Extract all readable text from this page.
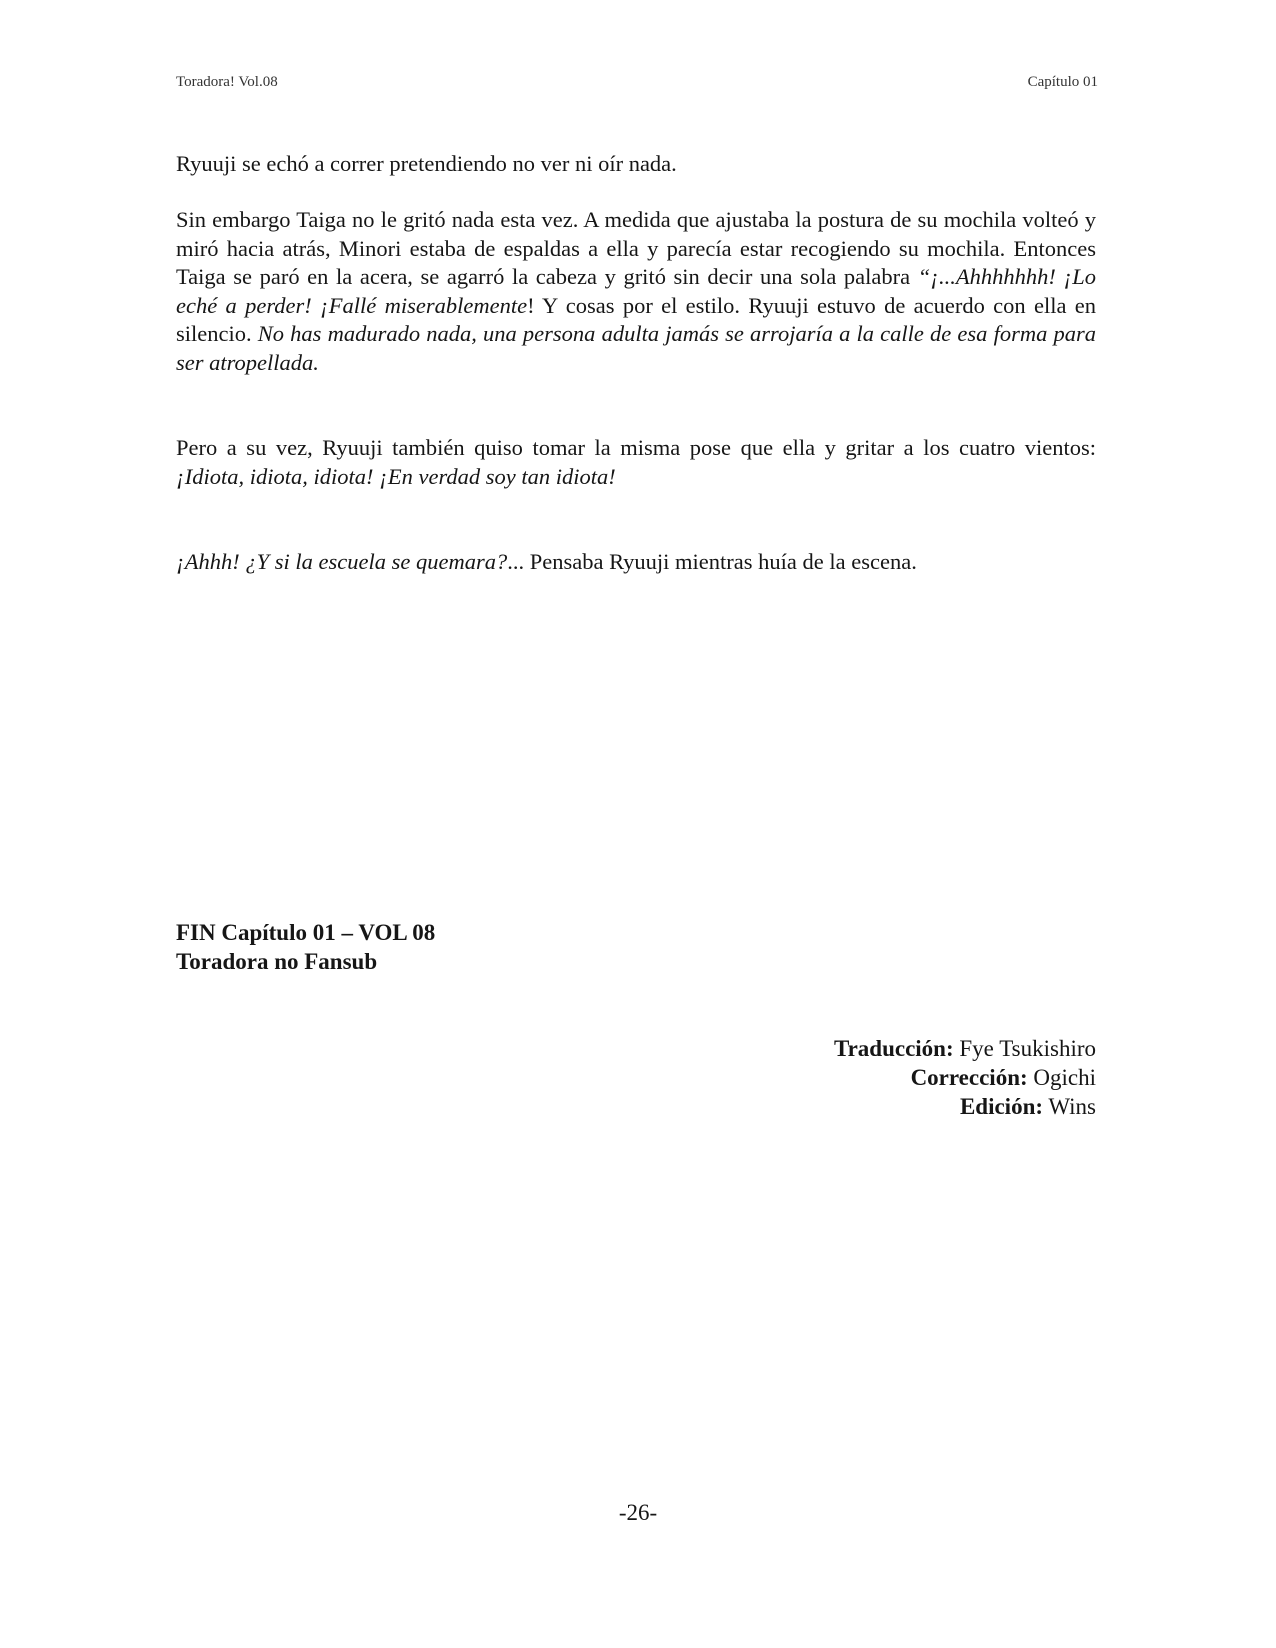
Toradora! Vol.08	Capítulo 01

Ryuuji se echó a correr pretendiendo no ver ni oír nada.

Sin embargo Taiga no le gritó nada esta vez. A medida que ajustaba la postura de su mochila volteó y miró hacia atrás, Minori estaba de espaldas a ella y parecía estar recogiendo su mochila. Entonces Taiga se paró en la acera, se agarró la cabeza y gritó sin decir una sola palabra “¡...Ahhhhhhh! ¡Lo eché a perder! ¡Fallé miserablemente! Y cosas por el estilo. Ryuuji estuvo de acuerdo con ella en silencio. No has madurado nada, una persona adulta jamás se arrojaría a la calle de esa forma para ser atropellada.

Pero a su vez, Ryuuji también quiso tomar la misma pose que ella y gritar a los cuatro vientos: ¡Idiota, idiota, idiota! ¡En verdad soy tan idiota!

¡Ahhh! ¿Y si la escuela se quemara?... Pensaba Ryuuji mientras huía de la escena.

FIN Capítulo 01 – VOL 08
Toradora no Fansub
Traducción: Fye Tsukishiro
Corrección: Ogichi
Edición: Wins
-26-
